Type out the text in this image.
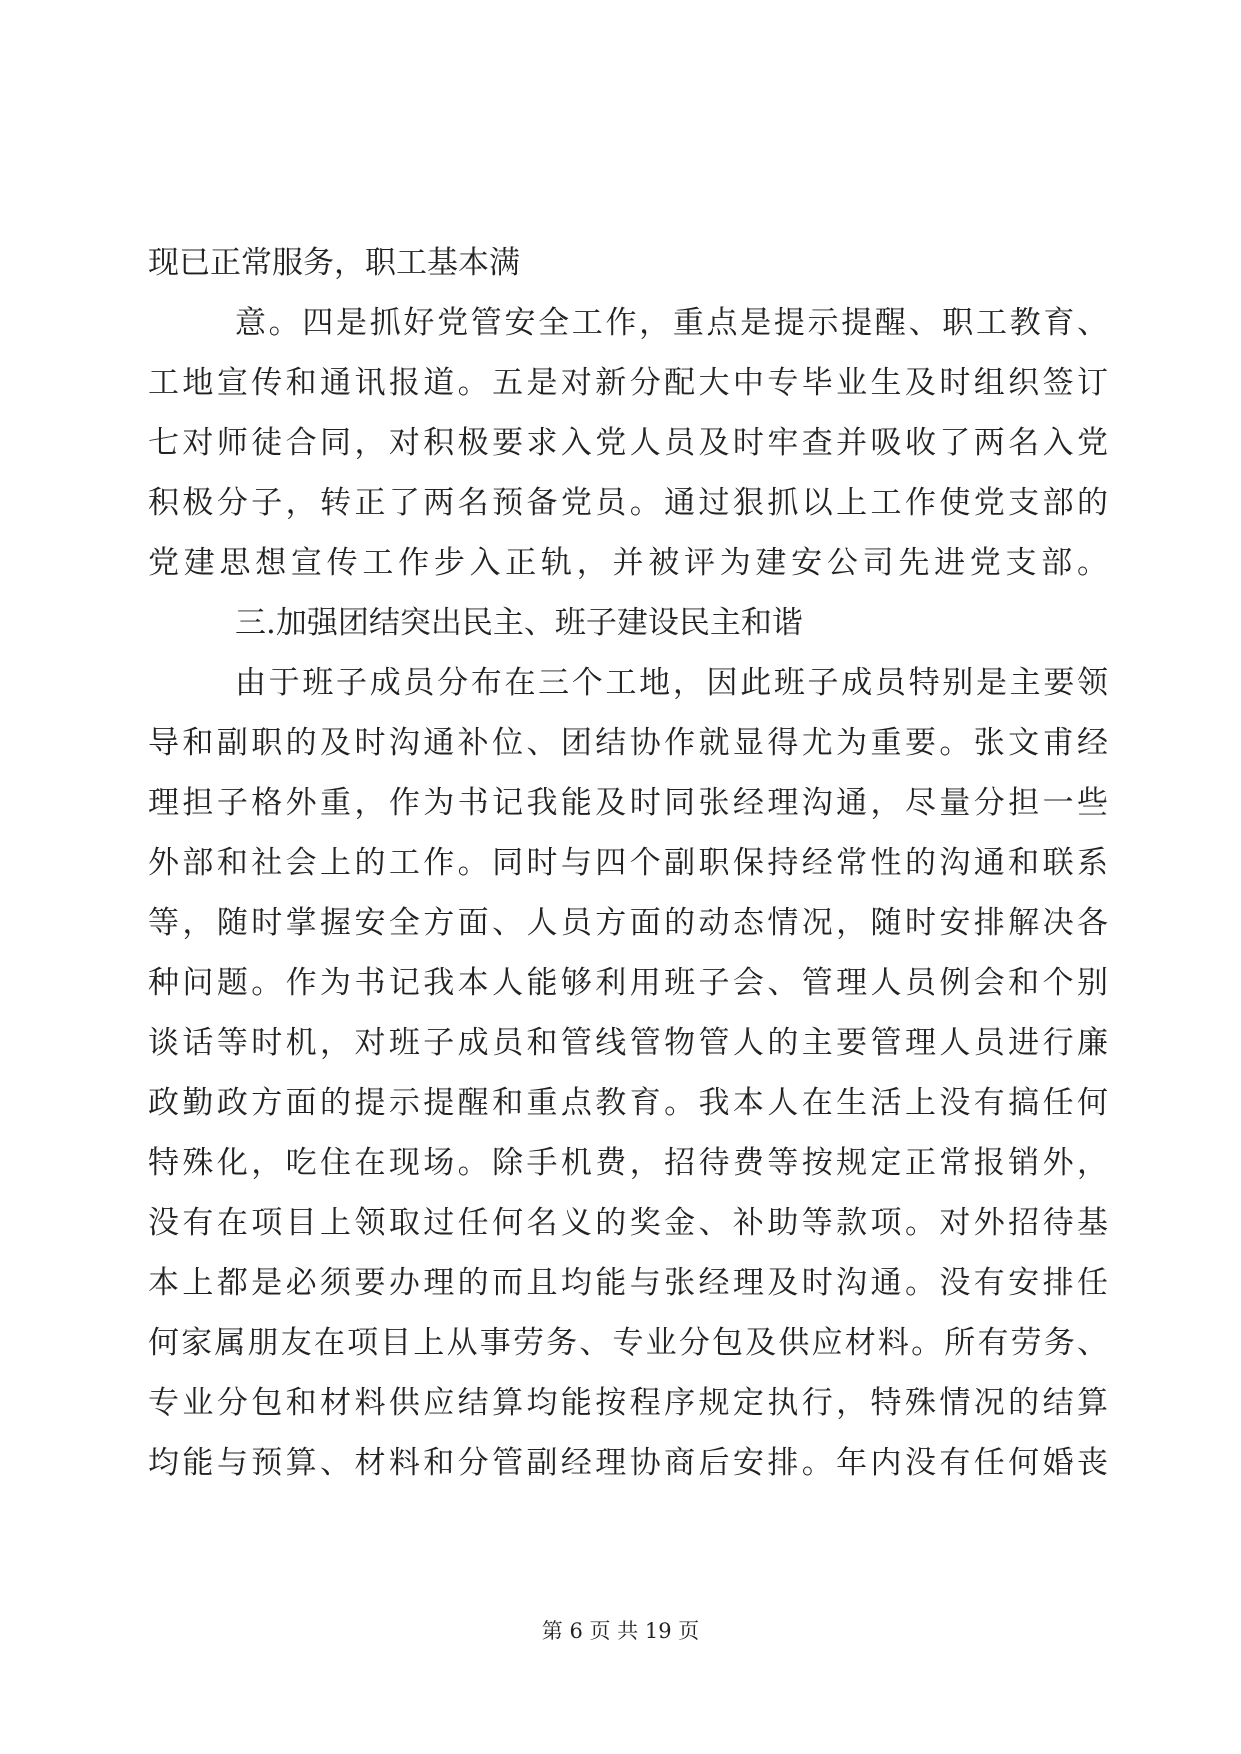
现已正常服务，职工基本满
意。四是抓好党管安全工作，重点是提示提醒、职工教育、
工地宣传和通讯报道。五是对新分配大中专毕业生及时组织签订
七对师徒合同，对积极要求入党人员及时牢查并吸收了两名入党
积极分子，转正了两名预备党员。通过狠抓以上工作使党支部的
党建思想宣传工作步入正轨，并被评为建安公司先进党支部。
三.加强团结突出民主、班子建设民主和谐
由于班子成员分布在三个工地，因此班子成员特别是主要领
导和副职的及时沟通补位、团结协作就显得尤为重要。张文甫经
理担子格外重，作为书记我能及时同张经理沟通，尽量分担一些
外部和社会上的工作。同时与四个副职保持经常性的沟通和联系
等，随时掌握安全方面、人员方面的动态情况，随时安排解决各
种问题。作为书记我本人能够利用班子会、管理人员例会和个别
谈话等时机，对班子成员和管线管物管人的主要管理人员进行廉
政勤政方面的提示提醒和重点教育。我本人在生活上没有搞任何
特殊化，吃住在现场。除手机费，招待费等按规定正常报销外，
没有在项目上领取过任何名义的奖金、补助等款项。对外招待基
本上都是必须要办理的而且均能与张经理及时沟通。没有安排任
何家属朋友在项目上从事劳务、专业分包及供应材料。所有劳务、
专业分包和材料供应结算均能按程序规定执行，特殊情况的结算
均能与预算、材料和分管副经理协商后安排。年内没有任何婚丧
第 6 页 共 19 页
